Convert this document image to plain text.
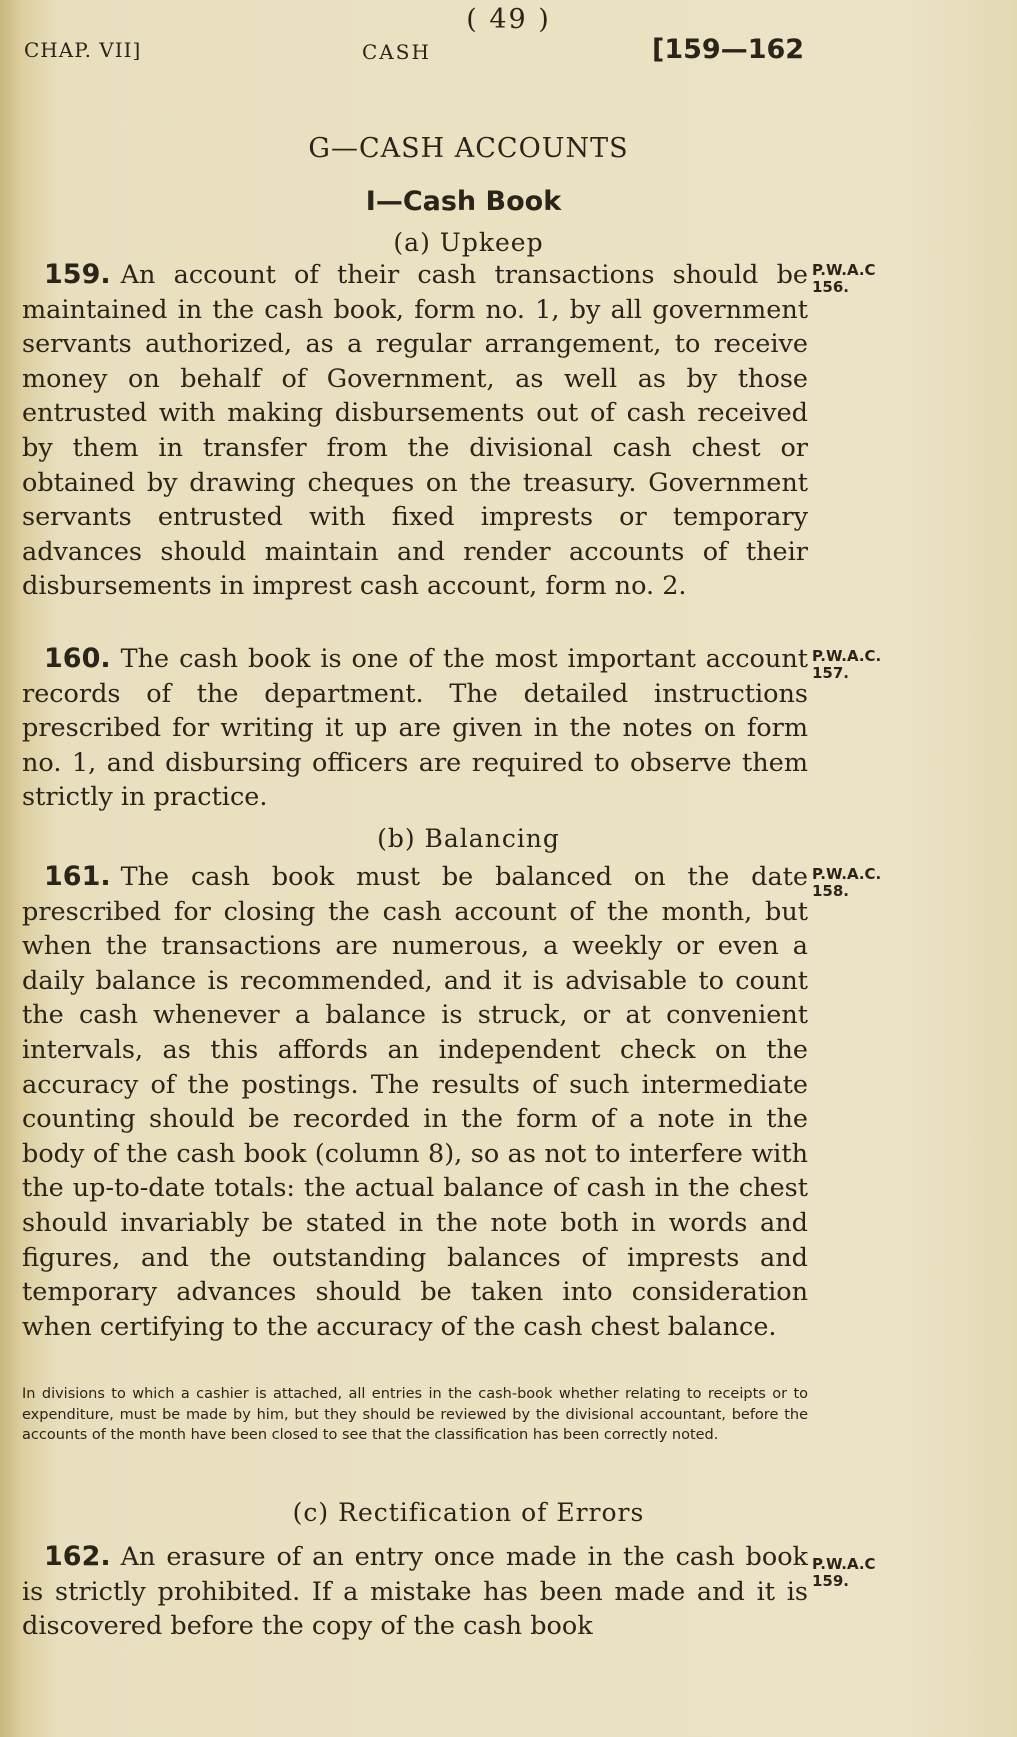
( 49 )
CHAP. VII]	CASH	[159—162
G—CASH ACCOUNTS
I—Cash Book
(a) Upkeep

159. An account of their cash transactions should be maintained in the cash book, form no. 1, by all government servants authorized, as a regular arrangement, to receive money on behalf of Government, as well as by those entrusted with making disbursements out of cash received by them in transfer from the divisional cash chest or obtained by drawing cheques on the treasury. Government servants entrusted with fixed imprests or temporary advances should maintain and render accounts of their disbursements in imprest cash account, form no. 2.

P.W.A.C
156.

160. The cash book is one of the most important account records of the department. The detailed instructions prescribed for writing it up are given in the notes on form no. 1, and disbursing officers are required to observe them strictly in practice.

P.W.A.C.
157.
(b) Balancing

161. The cash book must be balanced on the date prescribed for closing the cash account of the month, but when the transactions are numerous, a weekly or even a daily balance is recommended, and it is advisable to count the cash whenever a balance is struck, or at convenient intervals, as this affords an independent check on the accuracy of the postings. The results of such intermediate counting should be recorded in the form of a note in the body of the cash book (column 8), so as not to interfere with the up-to-date totals: the actual balance of cash in the chest should invariably be stated in the note both in words and figures, and the outstanding balances of imprests and temporary advances should be taken into consideration when certifying to the accuracy of the cash chest balance.

P.W.A.C.
158.
In divisions to which a cashier is attached, all entries in the cash-book whether relating to receipts or to expenditure, must be made by him, but they should be reviewed by the divisional accountant, before the accounts of the month have been closed to see that the classification has been correctly noted.
(c) Rectification of Errors

162. An erasure of an entry once made in the cash book is strictly prohibited. If a mistake has been made and it is discovered before the copy of the cash book

P.W.A.C
159.
